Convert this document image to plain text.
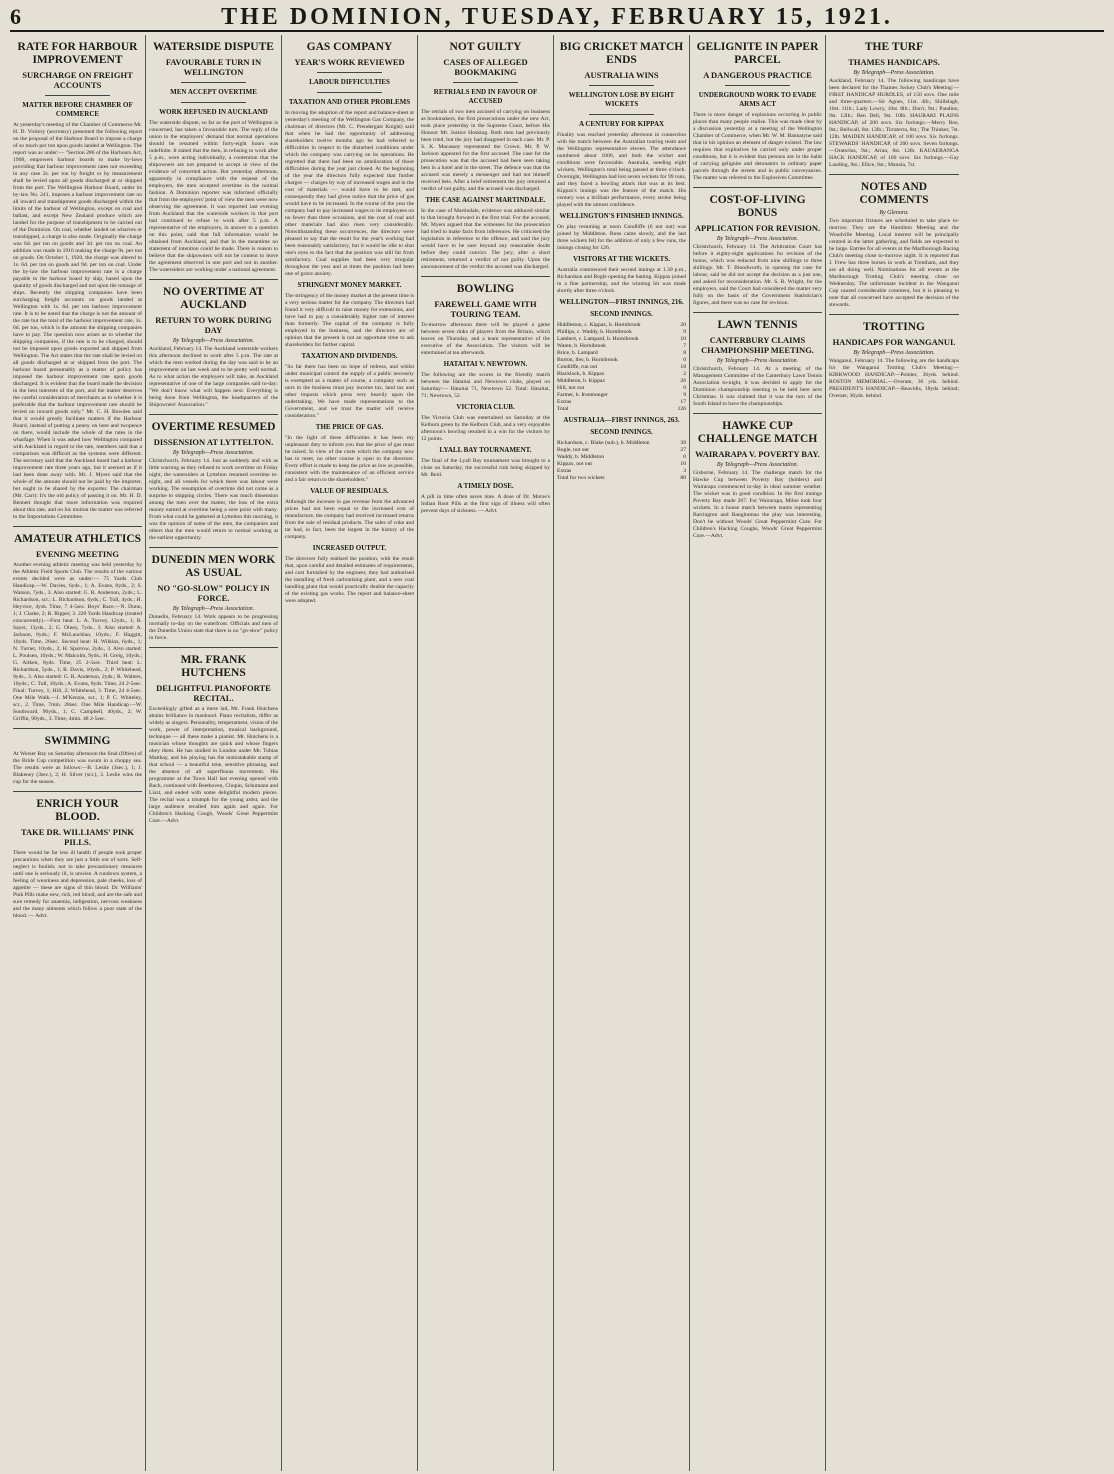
6	THE DOMINION, TUESDAY, FEBRUARY 15, 1921.
RATE FOR HARBOUR IMPROVEMENT
SURCHARGE ON FREIGHT ACCOUNTS
MATTER BEFORE CHAMBER OF COMMERCE
At yesterday's meeting of the Chamber of Commerce Mr. H. D. Vickery (secretary) presented the following report on the proposal of the Harbour Board to impose a charge of so much per ton upon goods landed at Wellington. The report was as under:— "Section 286 of the Harbours Act, 1908, empowers harbour boards to make by-laws providing that harbour improvement rates not exceeding in any case 2s. per ton by freight or by measurement shall be levied upon all goods discharged at or shipped from the port. The Wellington Harbour Board, under its by-law No. 241, imposes a harbour improvement rate on all inward and transhipment goods discharged within the limits of the harbour of Wellington, except on coal and ballast, and except New Zealand produce which are landed for the purpose of transhipment to be carried out of the Dominion. On coal, whether landed on wharves or transhipped, a charge is also made. Originally the charge was 6d. per ton on goods and 3d. per ton on coal. An addition was made in 1916 making the charge 9s. per ton on goods. On October 1, 1920, the charge was altered to 1s. 6d. per ton on goods and 9d. per ton on coal. Under the by-law the harbour improvement rate is a charge payable to the harbour board by ship, based upon the quantity of goods discharged and not upon the tonnage of ships. Recently the shipping companies have been surcharging freight accounts on goods landed at Wellington with 1s. 6d. per ton harbour improvement rate. It is to be noted that the charge is not the amount of the rate but the total of the harbour improvement rate, 1s. 6d. per ton, which is the amount the shipping companies have to pay. The question now arises as to whether the shipping companies, if the rate is to be charged, should not be imposed upon goods exported and shipped from Wellington. The Act states that the rate shall be levied on all goods discharged at or shipped from the port. The harbour board presumably as a matter of policy has imposed the harbour improvement rate upon goods discharged. It is evident that the board made the decision in the best interests of the port, and the matter deserves the careful consideration of merchants as to whether it is preferable that the harbour improvement rate should be levied on inward goods only." Mr. C. H. Bowden said that it would greatly facilitate matters if the Harbour Board, instead of putting a penny on here and twopence on there, would include the whole of the rates in the wharfage. When it was asked how Wellington compared with Auckland in regard to the rate, members said that a comparison was difficult as the systems were different. The secretary said that the Auckland board had a harbour improvement rate three years ago, but it seemed as if it had been done away with. Mr. J. Myers said that the whole of the amount should not be paid by the importer, but ought to be shared by the exporter. The chairman (Mr. Carr): It's the old policy of passing it on. Mr. H. D. Bennett thought that more information was required about this rate, and on his motion the matter was referred to the Importations Committee.
AMATEUR ATHLETICS
EVENING MEETING
Another evening athletic meeting was held yesterday by the Athletic Field Sports Club. The results of the various events decided were as under:— 75 Yards Club Handicap.—W. Davies, 6yds., 1; A. Evans, 8yds., 2; S. Watson, 7yds., 3. Also started: G. R. Anderson, 2yds.; L. Richardson, scr.; L. Richardson, 6yds.; C. Tull, 4yds.; H. Heyvice, 4yds. Time, 7 4-5sec. Boys' Race.—N. Dunn, 1; J. Clarke, 2; R. Ripper, 3. 220 Yards Handicap (treated concurrently).—First heat: L. A. Turvey, 12yds., 1; B. Sayer, 13yds., 2; G. Olney, 7yds., 3. Also started: A. Jackson, 6yds.; F. McLauchlan, 10yds.; F. Haggitt, 10yds. Time, 26sec. Second heat: H. Wilkins, 6yds., 1; N. Turner, 10yds., 2; H. Sparrow, 2yds., 3. Also started: L. Poulsen, 10yds.; W. Malcolm, 9yds.; H. Greig, 10yds.; G. Aitken, 8yds. Time, 25 2-5sec. Third heat: L. Richardson, 5yds., 1; R. Davis, 10yds., 2; P. Whitehead, 9yds., 3. Also started: G. R. Anderson, 2yds.; R. Walters, 10yds.; C. Tull, 10yds.; A. Evans, 8yds. Time, 24 2-5sec. Final: Turvey, 1; Hill, 2; Whitehead, 3. Time, 24 4-5sec. One Mile Walk.—J. M'Kenzie, scr., 1; P. C. Whiteley, scr., 2. Time, 7min. 28sec. One Mile Handicap.—W. Southward, 90yds., 1; C. Campbell, 40yds., 2; W. Griffin, 90yds., 3. Time, 4min. 48 2-5sec.
SWIMMING
At Worser Bay on Saturday afternoon the final (fifties) of the Bride Cup competition was swum in a choppy sea. The results were as follows:—B. Leslie (3sec.), 1; J. Blakeney (3sec.), 2; H. Silver (scr.), 3. Leslie wins the cup for the season.
ENRICH YOUR BLOOD.
TAKE DR. WILLIAMS' PINK PILLS.
There would be far less ill health if people took proper precautions when they are just a little out of sorts. Self-neglect is foolish; not to take precautionary measures until one is seriously ill, is unwise. A rundown system, a feeling of weariness and depression, pale cheeks, loss of appetite — these are signs of thin blood. Dr. Williams' Pink Pills make new, rich, red blood, and are the safe and sure remedy for anaemia, indigestion, nervous weakness and the many ailments which follow a poor state of the blood. — Advt.
WATERSIDE DISPUTE
FAVOURABLE TURN IN WELLINGTON
MEN ACCEPT OVERTIME
WORK REFUSED IN AUCKLAND
The waterside dispute, so far as the port of Wellington is concerned, has taken a favourable turn. The reply of the union to the employers' demand that normal operations should be resumed within forty-eight hours was indefinite. It stated that the men, in refusing to work after 5 p.m., were acting individually, a contention that the shipowners are not prepared to accept in view of the evidence of concerted action. But yesterday afternoon, apparently in compliance with the request of the employers, the men accepted overtime in the normal fashion. A Dominion reporter was informed officially that from the employers' point of view the men were now observing the agreement. It was reported last evening from Auckland that the waterside workers in that port had continued to refuse to work after 5 p.m. A representative of the employers, in answer to a question on this point, said that full information would be obtained from Auckland, and that in the meantime no statement of intention could be made. There is reason to believe that the shipowners will not be content to leave the agreement observed in one port and not in another. The watersiders are working under a national agreement.
NO OVERTIME AT AUCKLAND
RETURN TO WORK DURING DAY
By Telegraph—Press Association.
Auckland, February 14. The Auckland waterside workers this afternoon declined to work after 5 p.m. The rate at which the men worked during the day was said to be an improvement on last week and to be pretty well normal. As to what action the employers will take, an Auckland representative of one of the large companies said to-day: "We don't know what will happen next. Everything is being done from Wellington, the headquarters of the Shipowners' Association."
OVERTIME RESUMED
DISSENSION AT LYTTELTON.
By Telegraph—Press Association.
Christchurch, February 14. Just as suddenly and with as little warning as they refused to work overtime on Friday night, the watersiders at Lyttelton resumed overtime to-night, and all vessels for which there was labour were working. The resumption of overtime did not come as a surprise to shipping circles. There was much dissension among the men over the matter, the loss of the extra money earned at overtime being a sore point with many. From what could be gathered at Lyttelton this morning, it was the opinion of some of the men, the companies and others that the men would return to normal working at the earliest opportunity.
DUNEDIN MEN WORK AS USUAL
NO "GO-SLOW" POLICY IN FORCE.
By Telegraph—Press Association.
Dunedin, February 14. Work appears to be progressing normally to-day on the waterfront. Officials and men of the Dunedin Union state that there is no "go-slow" policy in force.
MR. FRANK HUTCHENS
DELIGHTFUL PIANOFORTE RECITAL.
Exceedingly gifted as a mere lad, Mr. Frank Hutchens attains brilliance in manhood. Piano recitalists, differ as widely as singers. Personality, temperament, vision of the work, power of interpretation, musical background, technique — all these make a pianist. Mr. Hutchens is a musician whose thoughts are quick and whose fingers obey them. He has studied in London under Mr. Tobias Matthay, and his playing has the unmistakable stamp of that school — a beautiful tone, sensitive phrasing, and the absence of all superfluous movement. His programme at the Town Hall last evening opened with Bach, continued with Beethoven, Chopin, Schumann and Liszt, and ended with some delightful modern pieces. The recital was a triumph for the young artist, and the large audience recalled him again and again. For Children's Hacking Cough, Woods' Great Peppermint Cure.—Advt.
GAS COMPANY
YEAR'S WORK REVIEWED
LABOUR DIFFICULTIES
TAXATION AND OTHER PROBLEMS
In moving the adoption of the report and balance-sheet at yesterday's meeting of the Wellington Gas Company, the chairman of directors (Mr. C. Prendergast Knight) said that when he had the opportunity of addressing shareholders twelve months ago he had referred to difficulties in respect to the disturbed conditions under which the company was carrying on its operations. He regretted that there had been no amelioration of those difficulties during the year just closed. At the beginning of the year the directors fully expected that further charges — charges by way of increased wages and in the cost of materials — would have to be met, and consequently they had given notice that the price of gas would have to be increased. In the course of the year the company had to pay increased wages to its employees on no fewer than three occasions, and the cost of coal and other materials had also risen very considerably. Notwithstanding these occurrences, the directors were pleased to say that the result for the year's working had been reasonably satisfactory, but it would be idle to shut one's eyes to the fact that the position was still far from satisfactory. Coal supplies had been very irregular throughout the year and at times the position had been one of grave anxiety.
STRINGENT MONEY MARKET.
The stringency of the money market at the present time is a very serious matter for the company. The directors had found it very difficult to raise money for extensions, and have had to pay a considerably higher rate of interest than formerly. The capital of the company is fully employed in the business, and the directors are of opinion that the present is not an opportune time to ask shareholders for further capital.
TAXATION AND DIVIDENDS.
"So far there has been no hope of redress, and whilst under municipal control the supply of a public necessity is exempted as a matter of course, a company such as ours in the business must pay income tax, land tax and other imposts which press very heavily upon the undertaking. We have made representations to the Government, and we trust the matter will receive consideration."
THE PRICE OF GAS.
"In the light of these difficulties it has been my unpleasant duty to inform you that the price of gas must be raised. In view of the costs which the company now has to meet, no other course is open to the directors. Every effort is made to keep the price as low as possible, consistent with the maintenance of an efficient service and a fair return to the shareholders."
VALUE OF RESIDUALS.
Although the increase in gas revenue from the advanced prices had not been equal to the increased cost of manufacture, the company had received increased returns from the sale of residual products. The sales of coke and tar had, in fact, been the largest in the history of the company.
INCREASED OUTPUT.
The directors fully realised the position, with the result that, upon careful and detailed estimates of requirements, and cost furnished by the engineer, they had authorised the installing of fresh carbonising plant, and a new coal handling plant that would practically double the capacity of the existing gas works. The report and balance-sheet were adopted.
NOT GUILTY
CASES OF ALLEGED BOOKMAKING
RETRIALS END IN FAVOUR OF ACCUSED
The retrials of two men accused of carrying on business as bookmakers, the first prosecutions under the new Act, took place yesterday in the Supreme Court, before His Honour Mr. Justice Hosking. Both men had previously been tried, but the jury had disagreed in each case. Mr. P. S. K. Macassey represented the Crown. Mr. P. W. Jackson appeared for the first accused. The case for the prosecution was that the accused had been seen taking bets in a hotel and in the street. The defence was that the accused was merely a messenger and had not himself received bets. After a brief retirement the jury returned a verdict of not guilty, and the accused was discharged.
THE CASE AGAINST MARTINDALE.
In the case of Martindale, evidence was adduced similar to that brought forward in the first trial. For the accused, Mr. Myers argued that the witnesses for the prosecution had tried to make facts from inferences. He criticised the legislation in reference to the offence, and said the jury would have to be sure beyond any reasonable doubt before they could convict. The jury, after a short retirement, returned a verdict of not guilty. Upon the announcement of the verdict the accused was discharged.
BOWLING
FAREWELL GAME WITH TOURING TEAM.
To-morrow afternoon there will be played a game between seven rinks of players from the Britain, which leaves on Thursday, and a team representative of the executive of the Association. The visitors will be entertained at tea afterwards.
HATAITAI V. NEWTOWN.
The following are the scores in the friendly match between the Hataitai and Newtown clubs, played on Saturday:— Hataitai 71, Newtown 52. Total: Hataitai, 71; Newtown, 52.
VICTORIA CLUB.
The Victoria Club was entertained on Saturday at the Kelburn green by the Kelburn Club, and a very enjoyable afternoon's bowling resulted in a win for the visitors by 12 points.
LYALL BAY TOURNAMENT.
The final of the Lyall Bay tournament was brought to a close on Saturday, the successful rink being skipped by Mr. Reid.
A TIMELY DOSE.
A pill in time often saves nine. A dose of Dr. Morse's Indian Root Pills at the first sign of illness will often prevent days of sickness. — Advt.
BIG CRICKET MATCH ENDS
AUSTRALIA WINS
WELLINGTON LOSE BY EIGHT WICKETS
A CENTURY FOR KIPPAX
Finality was reached yesterday afternoon in connection with the match between the Australian touring team and the Wellington representative eleven. The attendance numbered about 1000, and both the wicket and conditions were favourable. Australia, needing eight wickets, Wellington's total being passed at three o'clock. Overnight, Wellington had lost seven wickets for 99 runs, and they faced a bowling attack that was at its best. Kippax's innings was the feature of the match. His century was a brilliant performance, every stroke being played with the utmost confidence.
WELLINGTON'S FINISHED INNINGS.
On play resuming at noon Condliffe (6 not out) was joined by Middleton. Runs came slowly, and the last three wickets fell for the addition of only a few runs, the innings closing for 126.
VISITORS AT THE WICKETS.
Australia commenced their second innings at 1.30 p.m., Richardson and Bogle opening the batting. Kippax joined in a fine partnership, and the winning hit was made shortly after three o'clock.
WELLINGTON—FIRST INNINGS, 216.
SECOND INNINGS.
Hiddleston, c. Kippax, b. Hornibrook	20
Phillips, c. Waddy, b. Hornibrook	9
Lambert, c. Lampard, b. Hornibrook	10
Waren, b. Hornibrook	7
Brice, b. Lampard	8
Burton, lbw, b. Hornibrook	0
Condliffe, run out	18
Blacklock, b. Kippax	2
Middleton, b. Kippax	26
Hill, not out	0
Farmer, b. Ironmonger	9
Extras	17
Total	126
AUSTRALIA—FIRST INNINGS, 263.
SECOND INNINGS.
Richardson, c. Blake (sub.), b. Middleton	39
Bogle, not out	27
Waddy, b. Middleton	0
Kippax, not out	10
Extras	3
Total for two wickets	80
GELIGNITE IN PAPER PARCEL
A DANGEROUS PRACTICE
UNDERGROUND WORK TO EVADE ARMS ACT
There is more danger of explosions occurring in public places than many people realise. This was made clear by a discussion yesterday at a meeting of the Wellington Chamber of Commerce, when Mr. W. M. Bannatyne said that in his opinion an element of danger existed. The law requires that explosives be carried only under proper conditions, but it is evident that persons are in the habit of carrying gelignite and detonators in ordinary paper parcels through the streets and in public conveyances. The matter was referred to the Explosives Committee.
COST-OF-LIVING BONUS
APPLICATION FOR REVISION.
By Telegraph—Press Association.
Christchurch, February 14. The Arbitration Court has before it eighty-eight applications for revision of the bonus, which was reduced from nine shillings to three shillings. Mr. T. Bloodworth, in opening the case for labour, said he did not accept the decision as a just one, and asked for reconsideration. Mr. S. R. Wright, for the employers, said the Court had considered the matter very fully on the basis of the Government Statistician's figures, and there was no case for revision.
LAWN TENNIS
CANTERBURY CLAIMS CHAMPIONSHIP MEETING.
By Telegraph—Press Association.
Christchurch, February 14. At a meeting of the Management Committee of the Canterbury Lawn Tennis Association to-night, it was decided to apply for the Dominion championship meeting to be held here next Christmas. It was claimed that it was the turn of the South Island to have the championships.
HAWKE CUP CHALLENGE MATCH
WAIRARAPA V. POVERTY BAY.
By Telegraph—Press Association.
Gisborne, February 14. The challenge match for the Hawke Cup between Poverty Bay (holders) and Wairarapa commenced to-day in ideal summer weather. The wicket was in good condition. In the first innings Poverty Bay made 267. For Wairarapa, Milne took four wickets. In a house match between teams representing Barrington and Rangitumau the play was interesting. Don't be without Woods' Great Peppermint Cure. For Children's Hacking Coughs, Woods' Great Peppermint Cure.—Advt.
THE TURF
THAMES HANDICAPS.
By Telegraph—Press Association.
Auckland, February 14. The following handicaps have been declared for the Thames Jockey Club's Meeting:— FIRST HANDICAP HURDLES, of 150 sovs. One mile and three-quarters.—Sir Agnes, 11st. 4lb.; Shillelagh, 10st. 11lb.; Lady Lowry, 10st. 8lb.; Don't, 9st.; Pandino, 9st. 12lb.; Ben Dell, 9st. 10lb. HAURAKI PLAINS HANDICAP, of 200 sovs. Six furlongs.—Merry Roe, 9st.; Bellwall, 8st. 12lb.; Tirraterra, 8st.; The Thinker, 7st. 12lb. MAIDEN HANDICAP, of 100 sovs. Six furlongs. STEWARDS' HANDICAP, of 200 sovs. Seven furlongs.—Oratorius, 9st.; Arran, 8st. 12lb. KAUAERANGA HACK HANDICAP, of 100 sovs. Six furlongs.—Gay Landing, 9st.; Ellice, 8st.; Manaia, 7st.
NOTES AND COMMENTS
By Glenora.
Two important fixtures are scheduled to take place to-morrow. They are the Hamilton Meeting and the Woodville Meeting. Local interest will be principally centred in the latter gathering, and fields are expected to be large. Entries for all events at the Marlborough Racing Club's meeting close to-morrow night. It is reported that J. Frew has three horses in work at Trentham, and they are all doing well. Nominations for all events at the Marlborough Trotting Club's meeting close on Wednesday. The unfortunate incident in the Wanganui Cup caused considerable comment, but it is pleasing to note that all concerned have accepted the decision of the stewards.
TROTTING
HANDICAPS FOR WANGANUI.
By Telegraph—Press Association.
Wanganui, February 14. The following are the handicaps for the Wanganui Trotting Club's Meeting:— KIRKWOOD HANDICAP.—Pointer, 36yds. behind. ROSTON MEMORIAL.—Overate, 36 yds. behind. PRESIDENT'S HANDICAP.—Beavidis, 18yds. behind; Overate, 36yds. behind.
